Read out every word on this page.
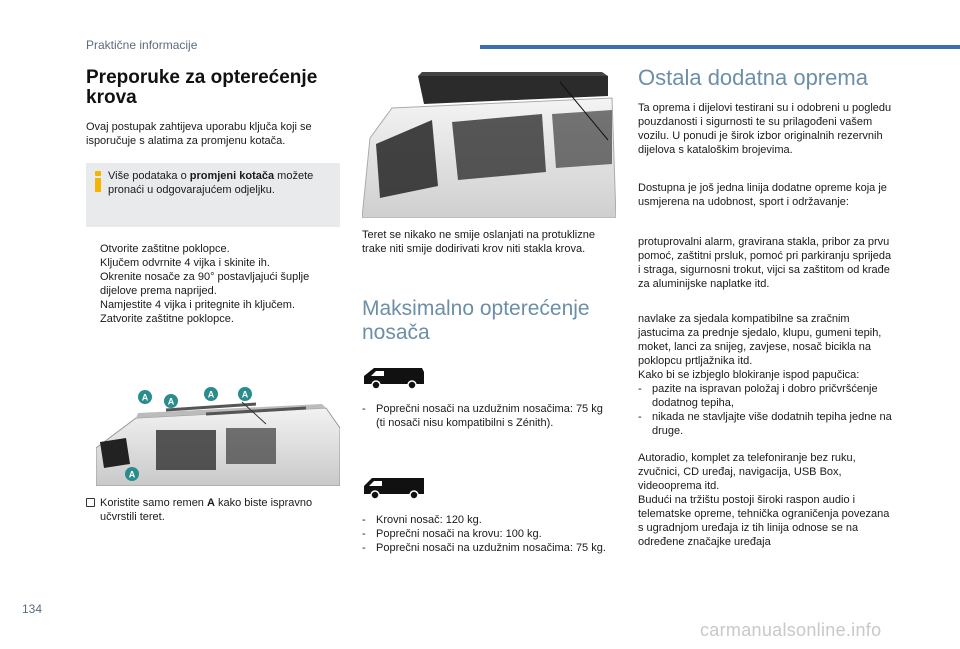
Praktične informacije
Preporuke za opterećenje krova
Ovaj postupak zahtijeva uporabu ključa koji se isporučuje s alatima za promjenu kotača.
Više podataka o promjeni kotača možete pronaći u odgovarajućem odjeljku.
Otvorite zaštitne poklopce.
Ključem odvrnite 4 vijka i skinite ih.
Okrenite nosače za 90° postavljajući šuplje dijelove prema naprijed.
Namjestite 4 vijka i pritegnite ih ključem.
Zatvorite zaštitne poklopce.
A A
A	A
A
Koristite samo remen A kako biste ispravno učvrstili teret.
Teret se nikako ne smije oslanjati na protuklizne trake niti smije dodirivati krov niti stakla krova.
Maksimalno opterećenje nosača
- Poprečni nosači na uzdužnim nosačima: 75 kg (ti nosači nisu kompatibilni s Zénith).
- Krovni nosač: 120 kg.
- Poprečni nosači na krovu: 100 kg.
- Poprečni nosači na uzdužnim nosačima: 75 kg.
Ostala dodatna oprema
Ta oprema i dijelovi testirani su i odobreni u pogledu pouzdanosti i sigurnosti te su prilagođeni vašem vozilu. U ponudi je širok izbor originalnih rezervnih dijelova s kataloškim brojevima.
Dostupna je još jedna linija dodatne opreme koja je usmjerena na udobnost, sport i održavanje:
protuprovalni alarm, gravirana stakla, pribor za prvu pomoć, zaštitni prsluk, pomoć pri parkiranju sprijeda i straga, sigurnosni trokut, vijci sa zaštitom od krađe za aluminijske naplatke itd.

navlake za sjedala kompatibilne sa zračnim jastucima za prednje sjedalo, klupu, gumeni tepih, moket, lanci za snijeg, zavjese, nosač bicikla na poklopcu prtljažnika itd.

Kako bi se izbjeglo blokiranje ispod papučica:

- pazite na ispravan položaj i dobro pričvršćenje dodatnog tepiha,
- nikada ne stavljajte više dodatnih tepiha jedne na druge.

Autoradio, komplet za telefoniranje bez ruku, zvučnici, CD uređaj, navigacija, USB Box, videooprema itd.

Budući na tržištu postoji široki raspon audio i telematske opreme, tehnička ograničenja povezana s ugradnjom uređaja iz tih linija odnose se na određene značajke uređaja

134
carmanualsonline.info
